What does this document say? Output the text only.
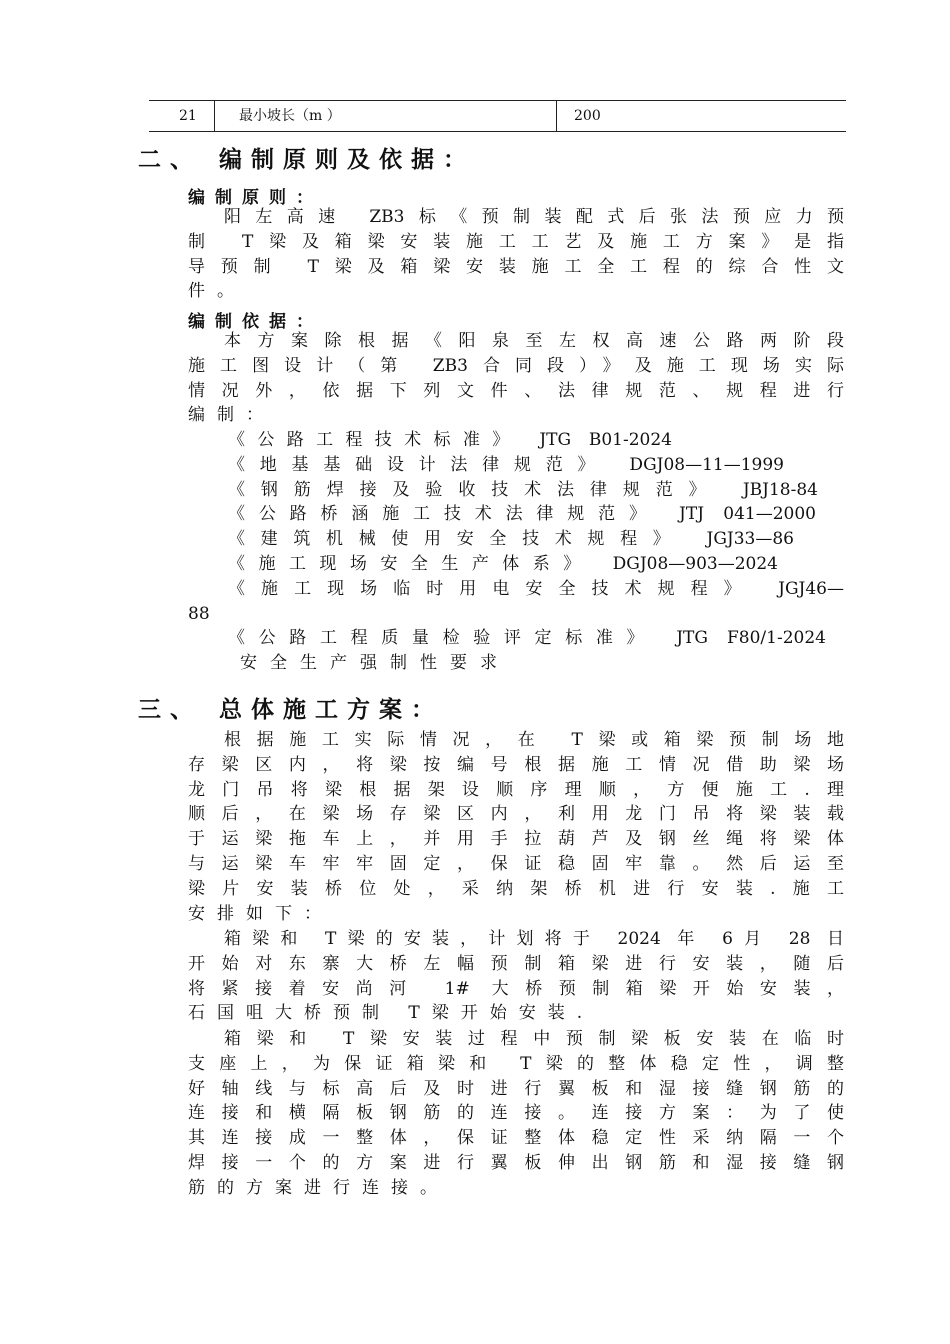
21	最小坡长（m ）	200
二、 编制原则及依据：
编制原则：

阳左高速 ZB3标《预制装配式后张法预应力预
制 T梁及箱梁安装施工工艺及施工方案》是指
导预制 T梁及箱梁安装施工全工程的综合性文
件。

编制依据：

本方案除根据《阳泉至左权高速公路两阶段
施工图设计（第 ZB3合同段）》及施工现场实际
情况外，依据下列文件、法律规范、规程进行
编制：

《公路工程技术标准》 JTG B01-2024
《地基基础设计法律规范》 DGJ08—11—1999
《钢筋焊接及验收技术法律规范》 JBJ18-84
《公路桥涵施工技术法律规范》 JTJ 041—2000
《建筑机械使用安全技术规程》 JGJ33—86
《施工现场安全生产体系》 DGJ08—903—2024
《施工现场临时用电安全技术规程》 JGJ46—
88
《公路工程质量检验评定标准》 JTG F80/1-2024
安全生产强制性要求
三、 总体施工方案：

根据施工实际情况，在 T梁或箱梁预制场地
存梁区内，将梁按编号根据施工情况借助梁场
龙门吊将梁根据架设顺序理顺，方便施工.理
顺后，在梁场存梁区内，利用龙门吊将梁装载
于运梁拖车上，并用手拉葫芦及钢丝绳将梁体
与运梁车牢牢固定，保证稳固牢靠。然后运至
梁片安装桥位处，采纳架桥机进行安装.施工
安排如下：

箱梁和 T梁的安装，计划将于 2024 年 6月 28 日
开始对东寨大桥左幅预制箱梁进行安装，随后
将紧接着安尚河 1# 大桥预制箱梁开始安装，
石国咀大桥预制 T梁开始安装.

箱梁和 T梁安装过程中预制梁板安装在临时
支座上，为保证箱梁和 T梁的整体稳定性，调整
好轴线与标高后及时进行翼板和湿接缝钢筋的
连接和横隔板钢筋的连接。连接方案：为了使
其连接成一整体，保证整体稳定性采纳隔一个
焊接一个的方案进行翼板伸出钢筋和湿接缝钢
筋的方案进行连接。
